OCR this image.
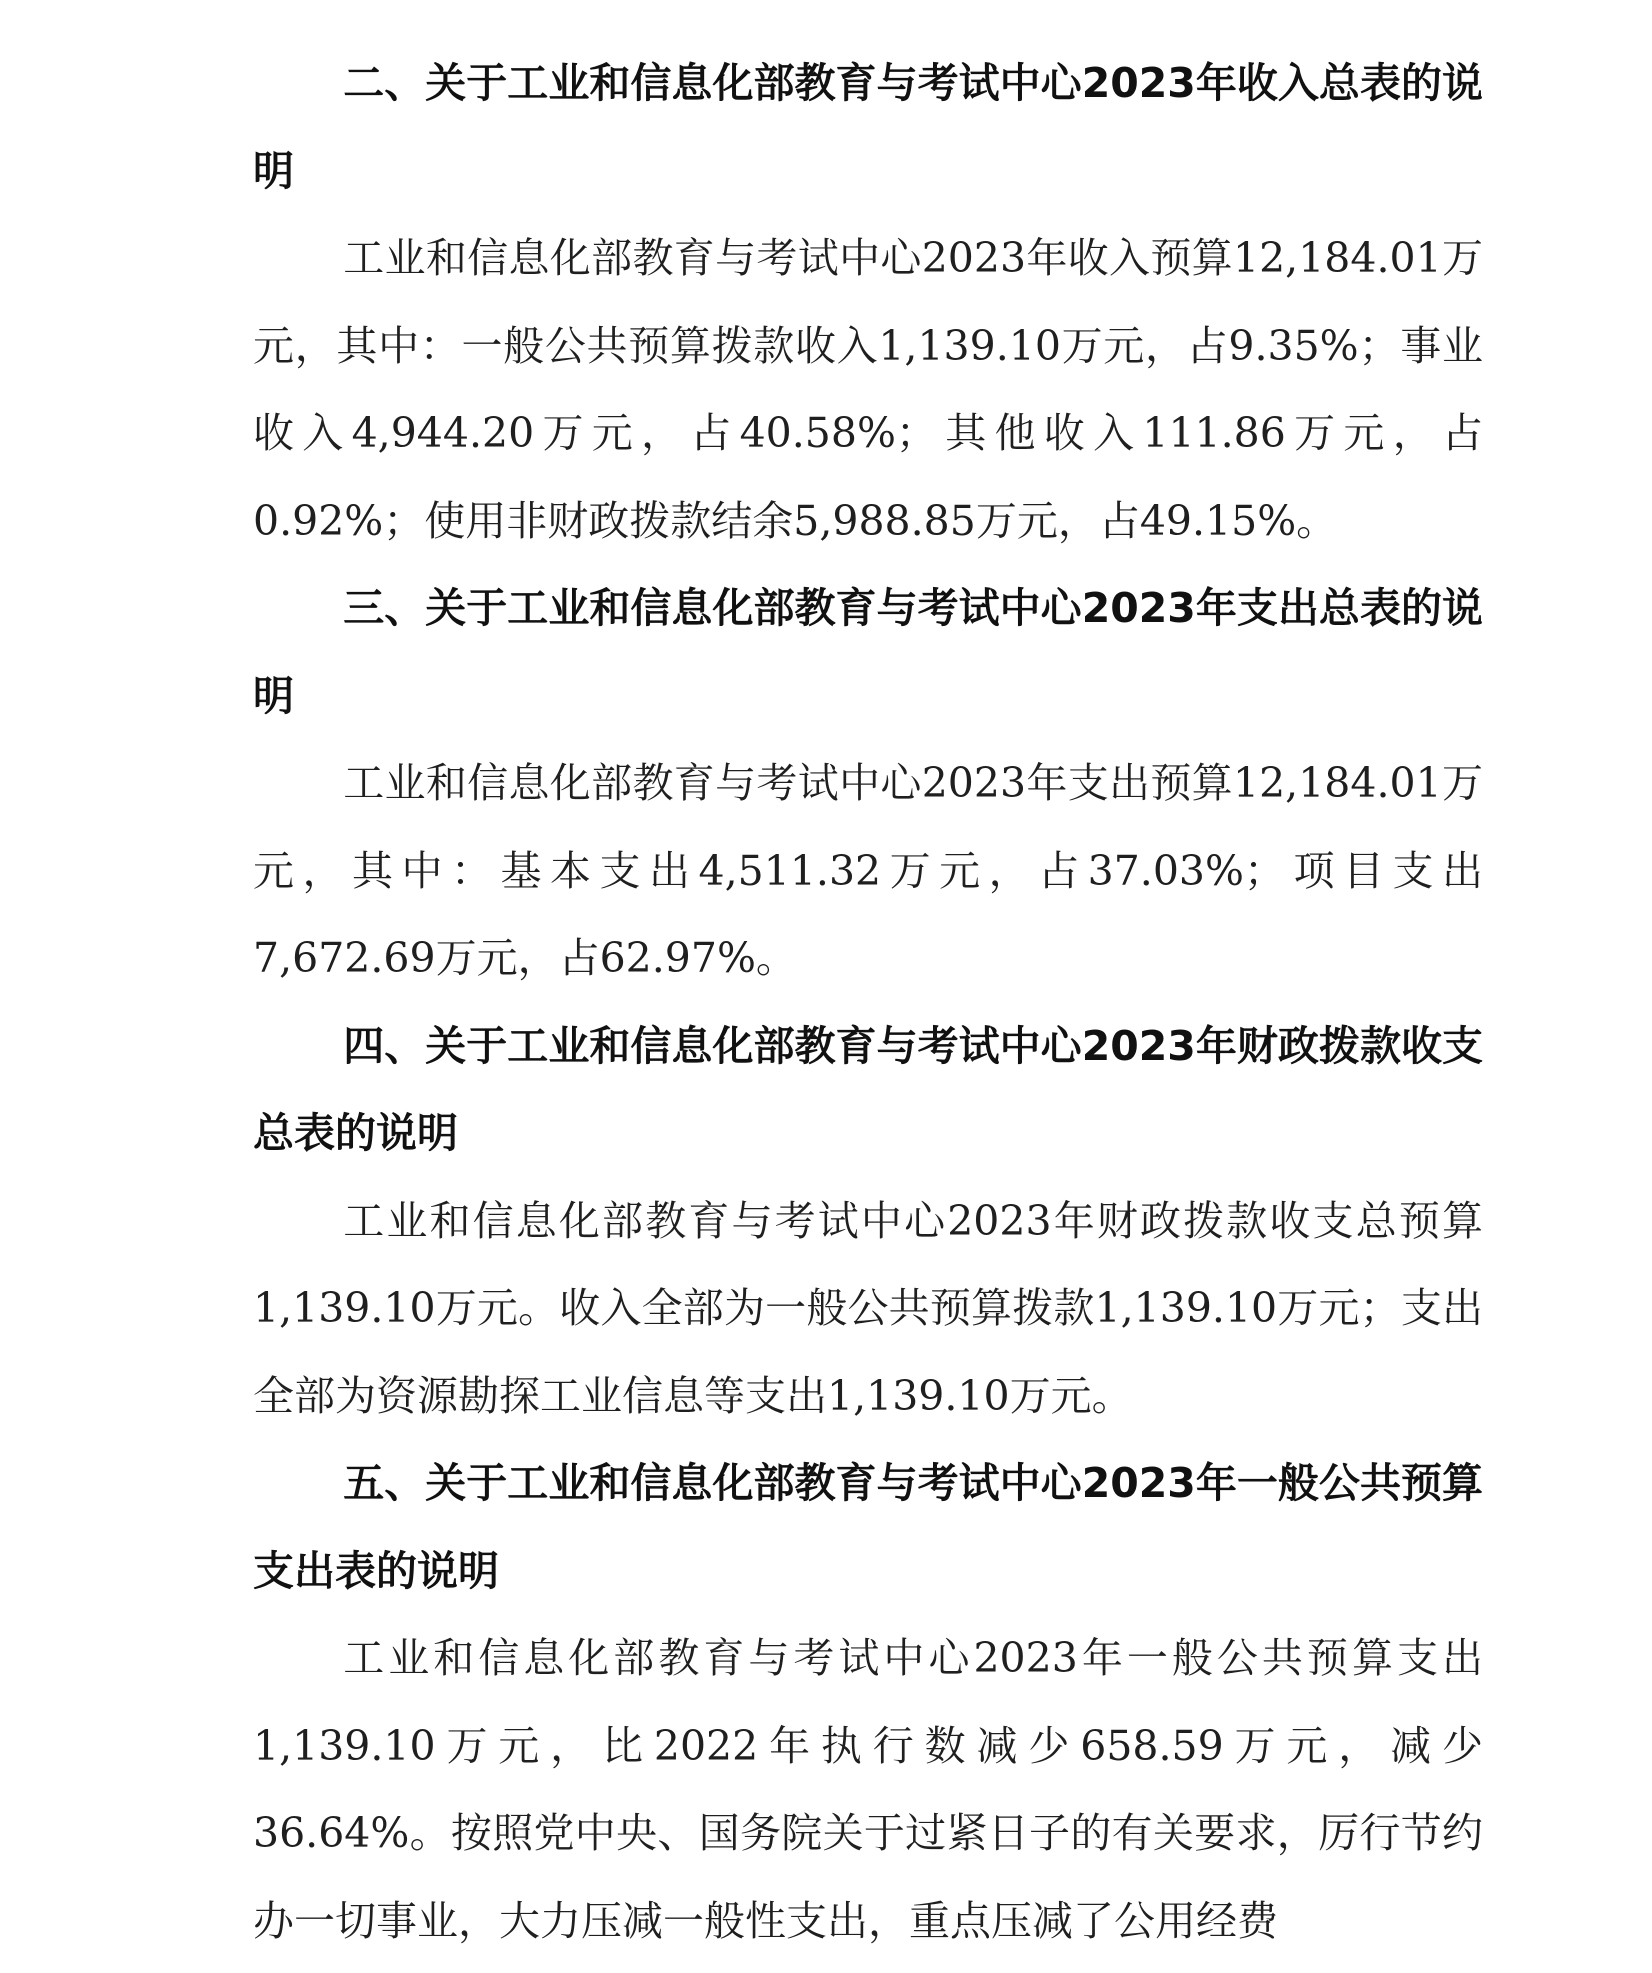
二、关于工业和信息化部教育与考试中心2023年收入总表的说明

工业和信息化部教育与考试中心2023年收入预算12,184.01万元，其中：一般公共预算拨款收入1,139.10万元，占9.35%；事业收入4,944.20万元，占40.58%；其他收入111.86万元，占0.92%；使用非财政拨款结余5,988.85万元，占49.15%。

三、关于工业和信息化部教育与考试中心2023年支出总表的说明

工业和信息化部教育与考试中心2023年支出预算12,184.01万元，其中：基本支出4,511.32万元，占37.03%；项目支出7,672.69万元，占62.97%。

四、关于工业和信息化部教育与考试中心2023年财政拨款收支总表的说明

工业和信息化部教育与考试中心2023年财政拨款收支总预算1,139.10万元。收入全部为一般公共预算拨款1,139.10万元；支出全部为资源勘探工业信息等支出1,139.10万元。

五、关于工业和信息化部教育与考试中心2023年一般公共预算支出表的说明

工业和信息化部教育与考试中心2023年一般公共预算支出1,139.10万元，比2022年执行数减少658.59万元，减少36.64%。按照党中央、国务院关于过紧日子的有关要求，厉行节约办一切事业，大力压减一般性支出，重点压减了公用经费
